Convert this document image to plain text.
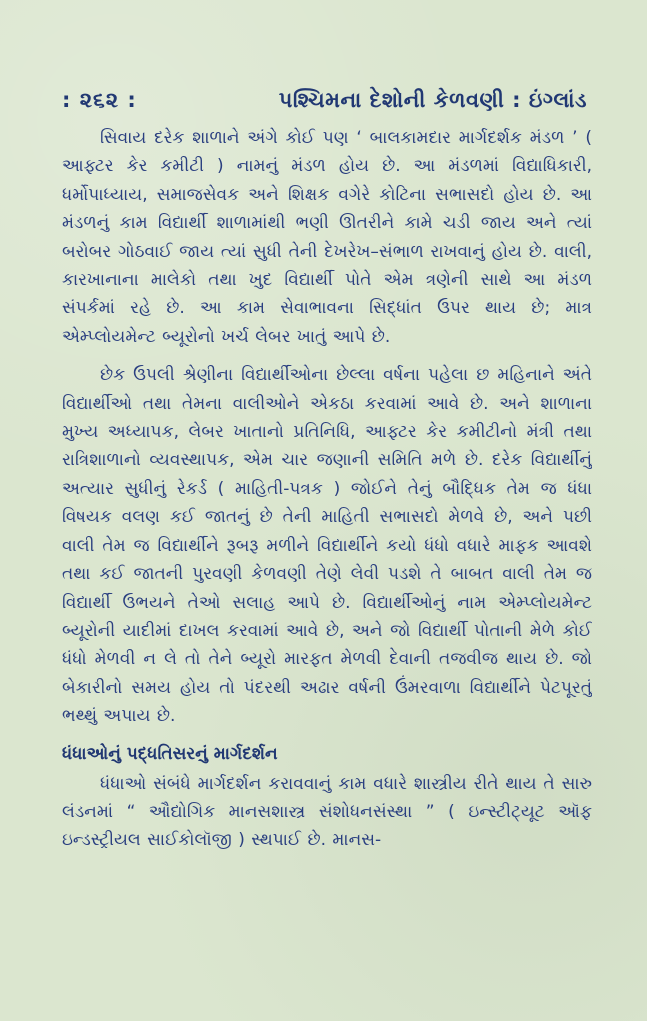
: ૨૬૨ :	પશ્ચિમના દેશોની કેળવણી : ઇંગ્લાંડ

સિવાય દરેક શાળાને અંગે કોઈ પણ ‘ બાલકામદાર માર્ગદર્શક મંડળ ’ ( આફ્ટર કેર કમીટી ) નામનું મંડળ હોય છે. આ મંડળમાં વિદ્યાધિકારી, ધર્મોપાધ્યાય, સમાજસેવક અને શિક્ષક વગેરે કોટિના સભાસદો હોય છે. આ મંડળનું કામ વિદ્યાર્થી શાળામાંથી ભણી ઊતરીને કામે ચડી જાય અને ત્યાં બરોબર ગોઠવાઈ જાય ત્યાં સુધી તેની દેખરેખ–સંભાળ રાખવાનું હોય છે. વાલી, કારખાનાના માલેકો તથા ખુદ વિદ્યાર્થી પોતે એમ ત્રણેની સાથે આ મંડળ સંપર્કમાં રહે છે. આ કામ સેવાભાવના સિદ્ધાંત ઉપર થાય છે; માત્ર એમ્પ્લોયમેન્ટ બ્યૂરોનો ખર્ચ લેબર ખાતું આપે છે.

છેક ઉપલી શ્રેણીના વિદ્યાર્થીઓના છેલ્લા વર્ષના પહેલા છ મહિનાને અંતે વિદ્યાર્થીઓ તથા તેમના વાલીઓને એકઠા કરવામાં આવે છે. અને શાળાના મુખ્ય અધ્યાપક, લેબર ખાતાનો પ્રતિનિધિ, આફ્ટર કેર કમીટીનો મંત્રી તથા રાત્રિશાળાનો વ્યવસ્થાપક, એમ ચાર જણાની સમિતિ મળે છે. દરેક વિદ્યાર્થીનું અત્યાર સુધીનું રેકર્ડ ( માહિતી-પત્રક ) જોઈને તેનું બૌદ્ધિક તેમ જ ધંધા વિષયક વલણ કઈ જાતનું છે તેની માહિતી સભાસદો મેળવે છે, અને પછી વાલી તેમ જ વિદ્યાર્થીને રૂબરૂ મળીને વિદ્યાર્થીને કયો ધંધો વધારે માફક આવશે તથા કઈ જાતની પુરવણી કેળવણી તેણે લેવી પડશે તે બાબત વાલી તેમ જ વિદ્યાર્થી ઉભયને તેઓ સલાહ આપે છે. વિદ્યાર્થીઓનું નામ એમ્પ્લોયમેન્ટ બ્યૂરોની યાદીમાં દાખલ કરવામાં આવે છે, અને જો વિદ્યાર્થી પોતાની મેળે કોઈ ધંધો મેળવી ન લે તો તેને બ્યૂરો મારફત મેળવી દેવાની તજવીજ થાય છે. જો બેકારીનો સમય હોય તો પંદરથી અઢાર વર્ષની ઉંમરવાળા વિદ્યાર્થીને પેટપૂરતું ભથ્થું અપાય છે.

ધંધાઓનું પદ્ધતિસરનું માર્ગદર્શન

ધંધાઓ સંબંધે માર્ગદર્શન કરાવવાનું કામ વધારે શાસ્ત્રીય રીતે થાય તે સારુ લંડનમાં “ ઔદ્યોગિક માનસશાસ્ત્ર સંશોધનસંસ્થા ” ( ઇન્સ્ટીટ્યૂટ ઑફ ઇન્ડસ્ટ્રીયલ સાઈકોલૉજી ) સ્થપાઈ છે. માનસ-
